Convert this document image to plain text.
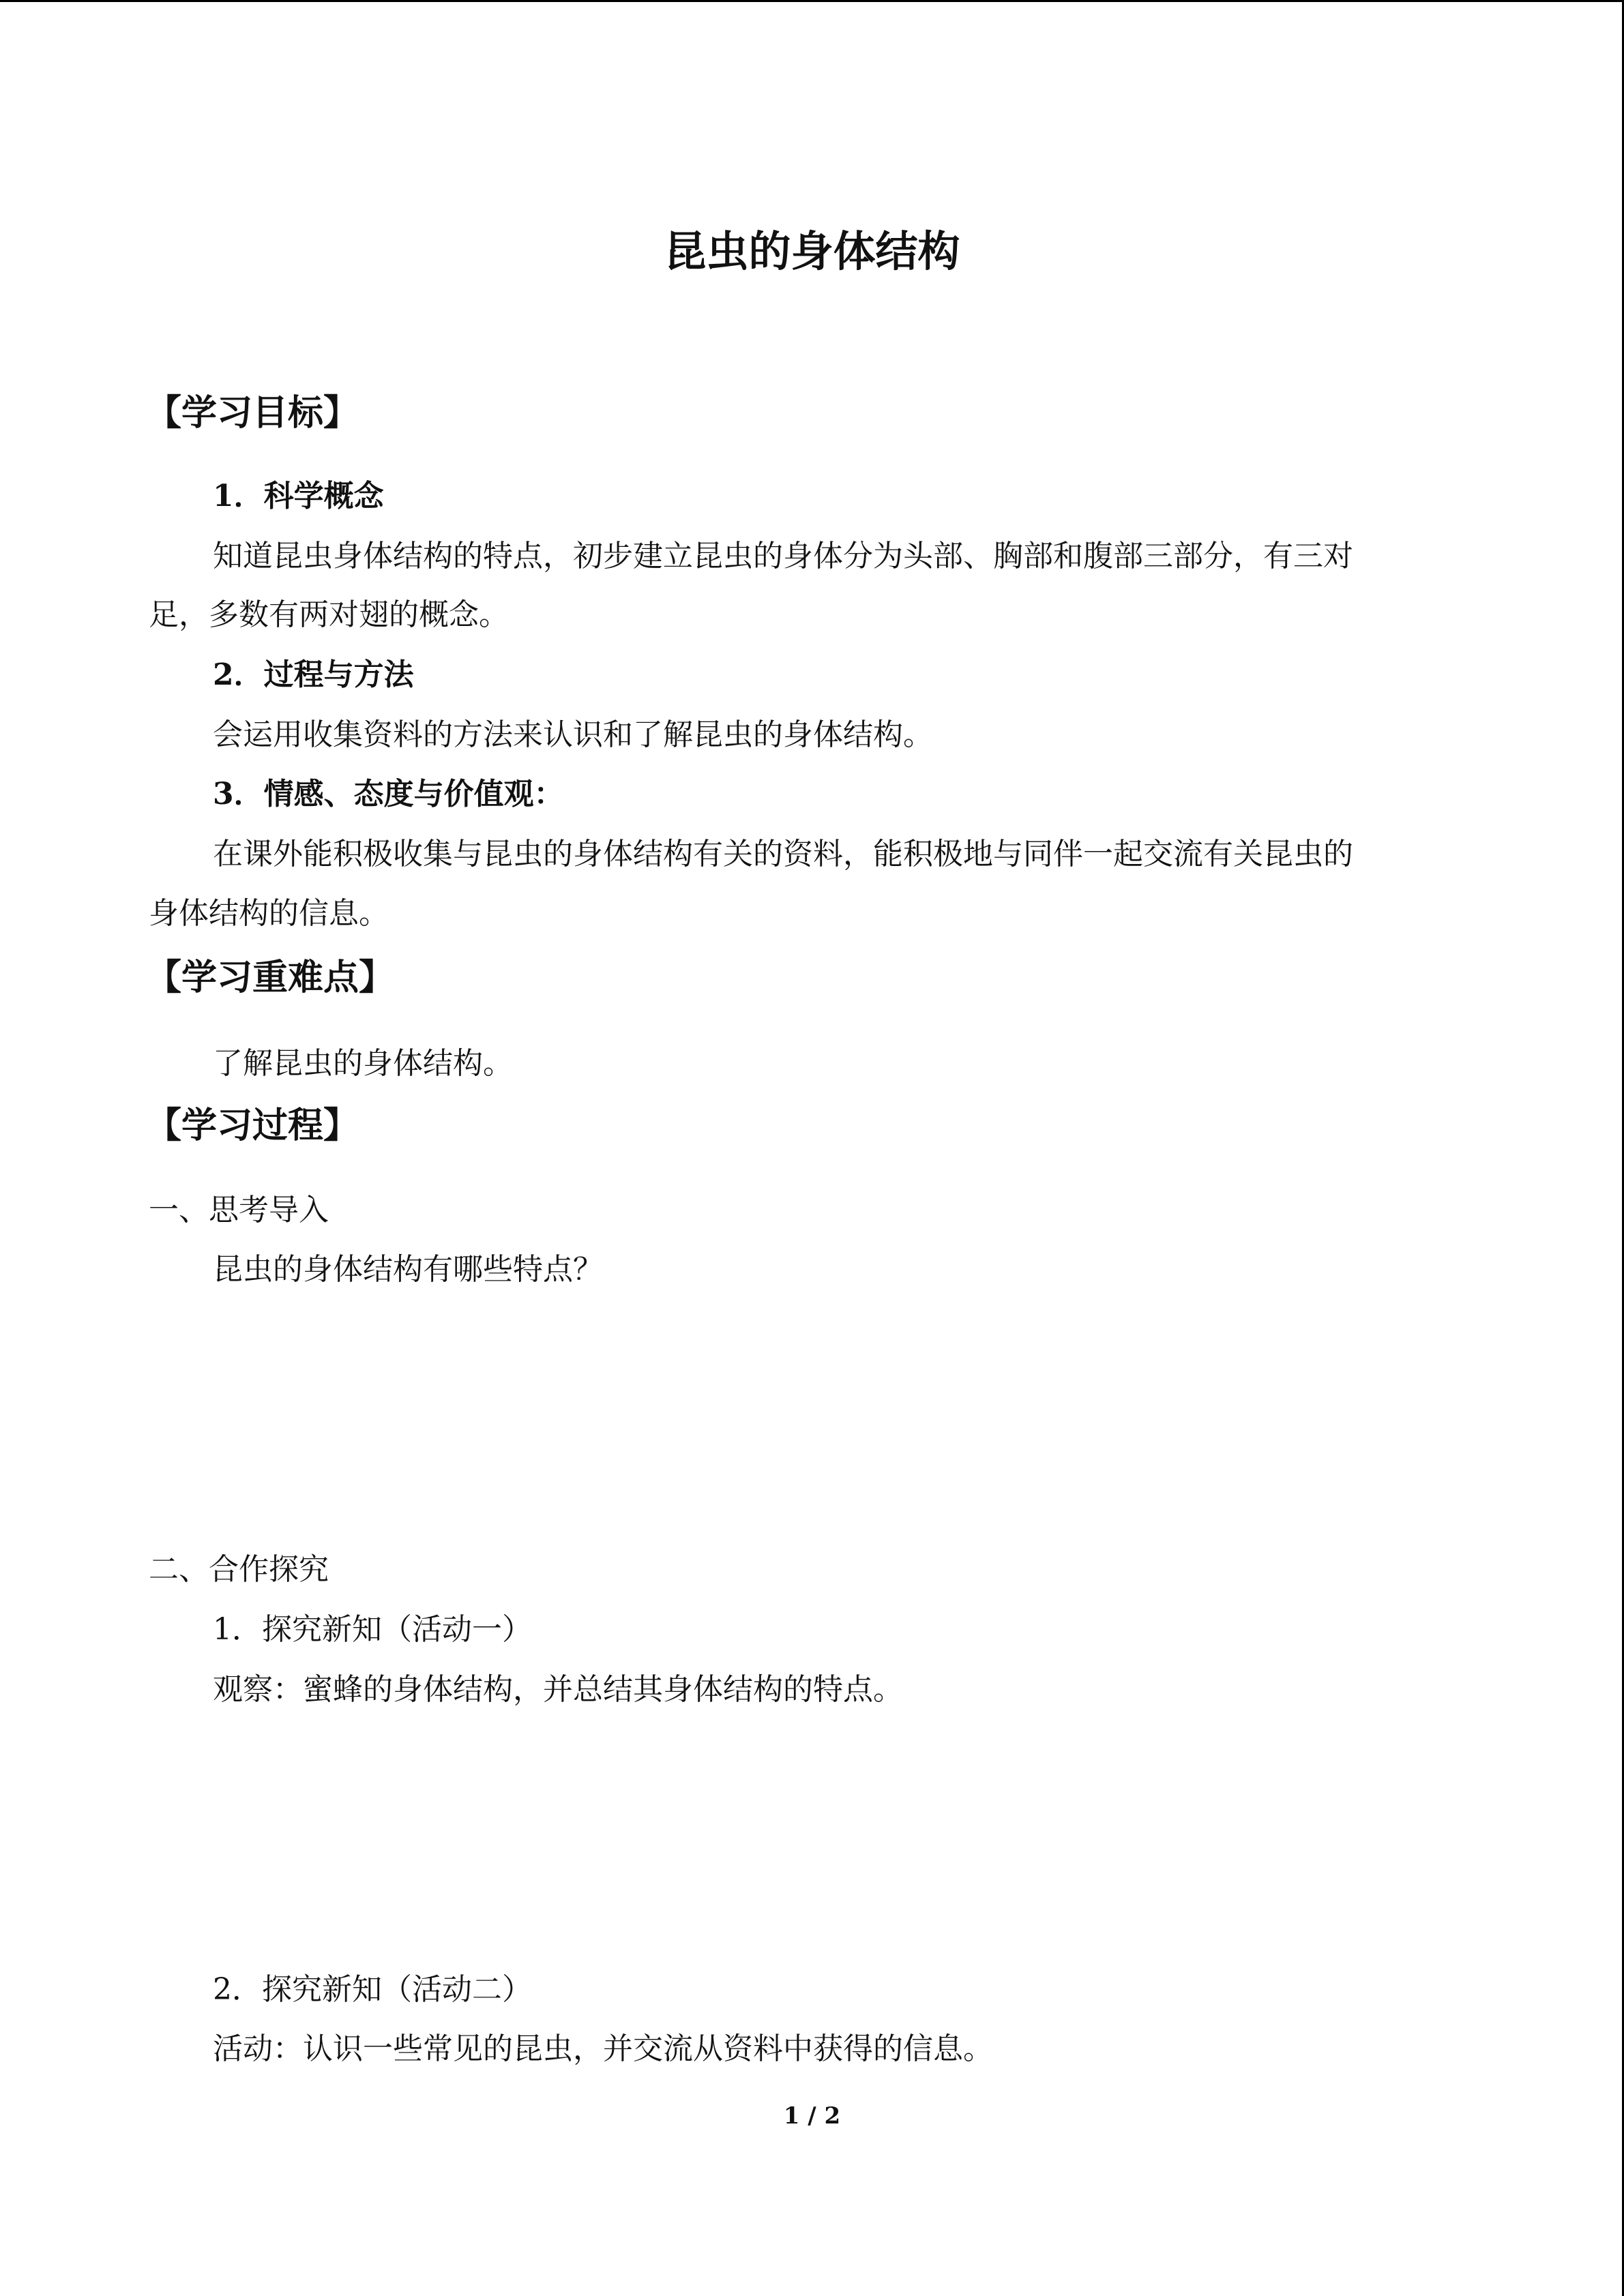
昆虫的身体结构
【学习目标】
1．科学概念
知道昆虫身体结构的特点，初步建立昆虫的身体分为头部、胸部和腹部三部分，有三对
足，多数有两对翅的概念。
2．过程与方法
会运用收集资料的方法来认识和了解昆虫的身体结构。
3．情感、态度与价值观：
在课外能积极收集与昆虫的身体结构有关的资料，能积极地与同伴一起交流有关昆虫的
身体结构的信息。
【学习重难点】
了解昆虫的身体结构。
【学习过程】
一、思考导入
昆虫的身体结构有哪些特点？
二、合作探究
1．探究新知（活动一）
观察：蜜蜂的身体结构，并总结其身体结构的特点。
2．探究新知（活动二）
活动：认识一些常见的昆虫，并交流从资料中获得的信息。
1 / 2
